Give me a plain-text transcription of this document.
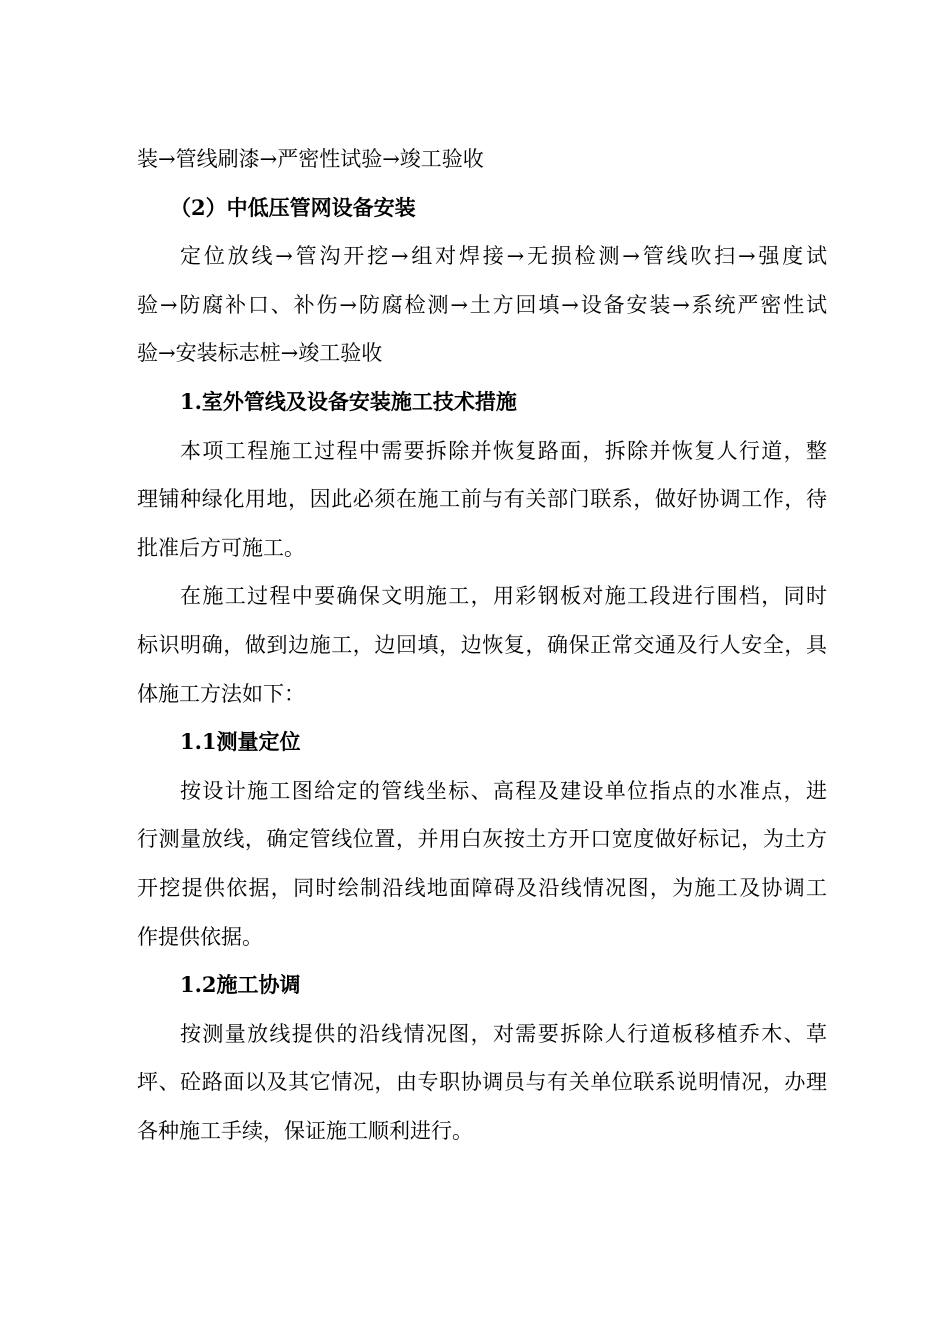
装→管线刷漆→严密性试验→竣工验收
（2）中低压管网设备安装
定位放线→管沟开挖→组对焊接→无损检测→管线吹扫→强度试
验→防腐补口、补伤→防腐检测→土方回填→设备安装→系统严密性试
验→安装标志桩→竣工验收
1.室外管线及设备安装施工技术措施
本项工程施工过程中需要拆除并恢复路面，拆除并恢复人行道，整
理铺种绿化用地，因此必须在施工前与有关部门联系，做好协调工作，待
批准后方可施工。
在施工过程中要确保文明施工，用彩钢板对施工段进行围档，同时
标识明确，做到边施工，边回填，边恢复，确保正常交通及行人安全，具
体施工方法如下：
1.1测量定位
按设计施工图给定的管线坐标、高程及建设单位指点的水准点，进
行测量放线，确定管线位置，并用白灰按土方开口宽度做好标记，为土方
开挖提供依据，同时绘制沿线地面障碍及沿线情况图，为施工及协调工
作提供依据。
1.2施工协调
按测量放线提供的沿线情况图，对需要拆除人行道板移植乔木、草
坪、砼路面以及其它情况，由专职协调员与有关单位联系说明情况，办理
各种施工手续，保证施工顺利进行。
